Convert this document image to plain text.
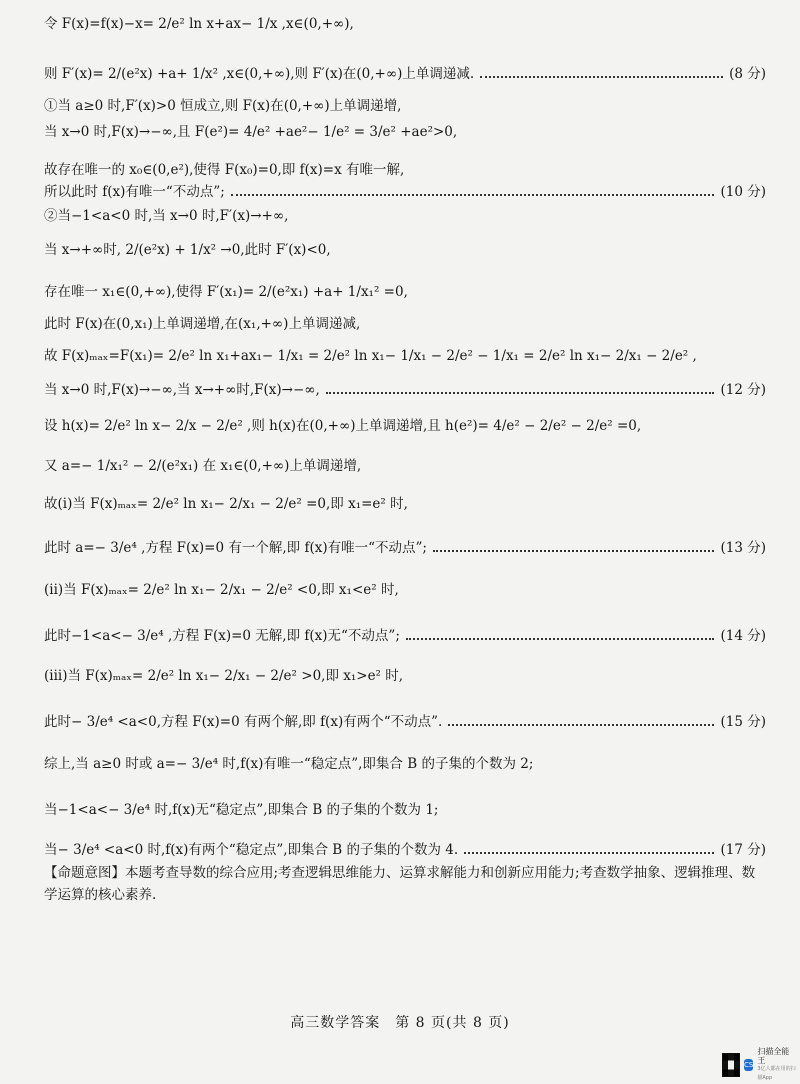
令 F(x)=f(x)−x= 2/e² ln x+ax− 1/x ,x∈(0,+∞),
则 F′(x)= 2/(e²x) +a+ 1/x² ,x∈(0,+∞),则 F′(x)在(0,+∞)上单调递减.	(8 分)
①当 a≥0 时,F′(x)>0 恒成立,则 F(x)在(0,+∞)上单调递增,
当 x→0 时,F(x)→−∞,且 F(e²)= 4/e² +ae²− 1/e² = 3/e² +ae²>0,
故存在唯一的 x₀∈(0,e²),使得 F(x₀)=0,即 f(x)=x 有唯一解,
所以此时 f(x)有唯一“不动点”;	(10 分)
②当−1<a<0 时,当 x→0 时,F′(x)→+∞,
当 x→+∞时, 2/(e²x) + 1/x² →0,此时 F′(x)<0,
存在唯一 x₁∈(0,+∞),使得 F′(x₁)= 2/(e²x₁) +a+ 1/x₁² =0,
此时 F(x)在(0,x₁)上单调递增,在(x₁,+∞)上单调递减,
故 F(x)ₘₐₓ=F(x₁)= 2/e² ln x₁+ax₁− 1/x₁ = 2/e² ln x₁− 1/x₁ − 2/e² − 1/x₁ = 2/e² ln x₁− 2/x₁ − 2/e² ,
当 x→0 时,F(x)→−∞,当 x→+∞时,F(x)→−∞,	(12 分)
设 h(x)= 2/e² ln x− 2/x − 2/e² ,则 h(x)在(0,+∞)上单调递增,且 h(e²)= 4/e² − 2/e² − 2/e² =0,
又 a=− 1/x₁² − 2/(e²x₁) 在 x₁∈(0,+∞)上单调递增,
故(i)当 F(x)ₘₐₓ= 2/e² ln x₁− 2/x₁ − 2/e² =0,即 x₁=e² 时,
此时 a=− 3/e⁴ ,方程 F(x)=0 有一个解,即 f(x)有唯一“不动点”;	(13 分)
(ii)当 F(x)ₘₐₓ= 2/e² ln x₁− 2/x₁ − 2/e² <0,即 x₁<e² 时,
此时−1<a<− 3/e⁴ ,方程 F(x)=0 无解,即 f(x)无“不动点”;	(14 分)
(iii)当 F(x)ₘₐₓ= 2/e² ln x₁− 2/x₁ − 2/e² >0,即 x₁>e² 时,
此时− 3/e⁴ <a<0,方程 F(x)=0 有两个解,即 f(x)有两个“不动点”.	(15 分)
综上,当 a≥0 时或 a=− 3/e⁴ 时,f(x)有唯一“稳定点”,即集合 B 的子集的个数为 2;
当−1<a<− 3/e⁴ 时,f(x)无“稳定点”,即集合 B 的子集的个数为 1;
当− 3/e⁴ <a<0 时,f(x)有两个“稳定点”,即集合 B 的子集的个数为 4.	(17 分)
【命题意图】本题考查导数的综合应用;考查逻辑思维能力、运算求解能力和创新应用能力;考查数学抽象、逻辑推理、数学运算的核心素养.
高三数学答案　第 8 页(共 8 页)
CS
扫描全能王
3亿人都在用的扫描App
